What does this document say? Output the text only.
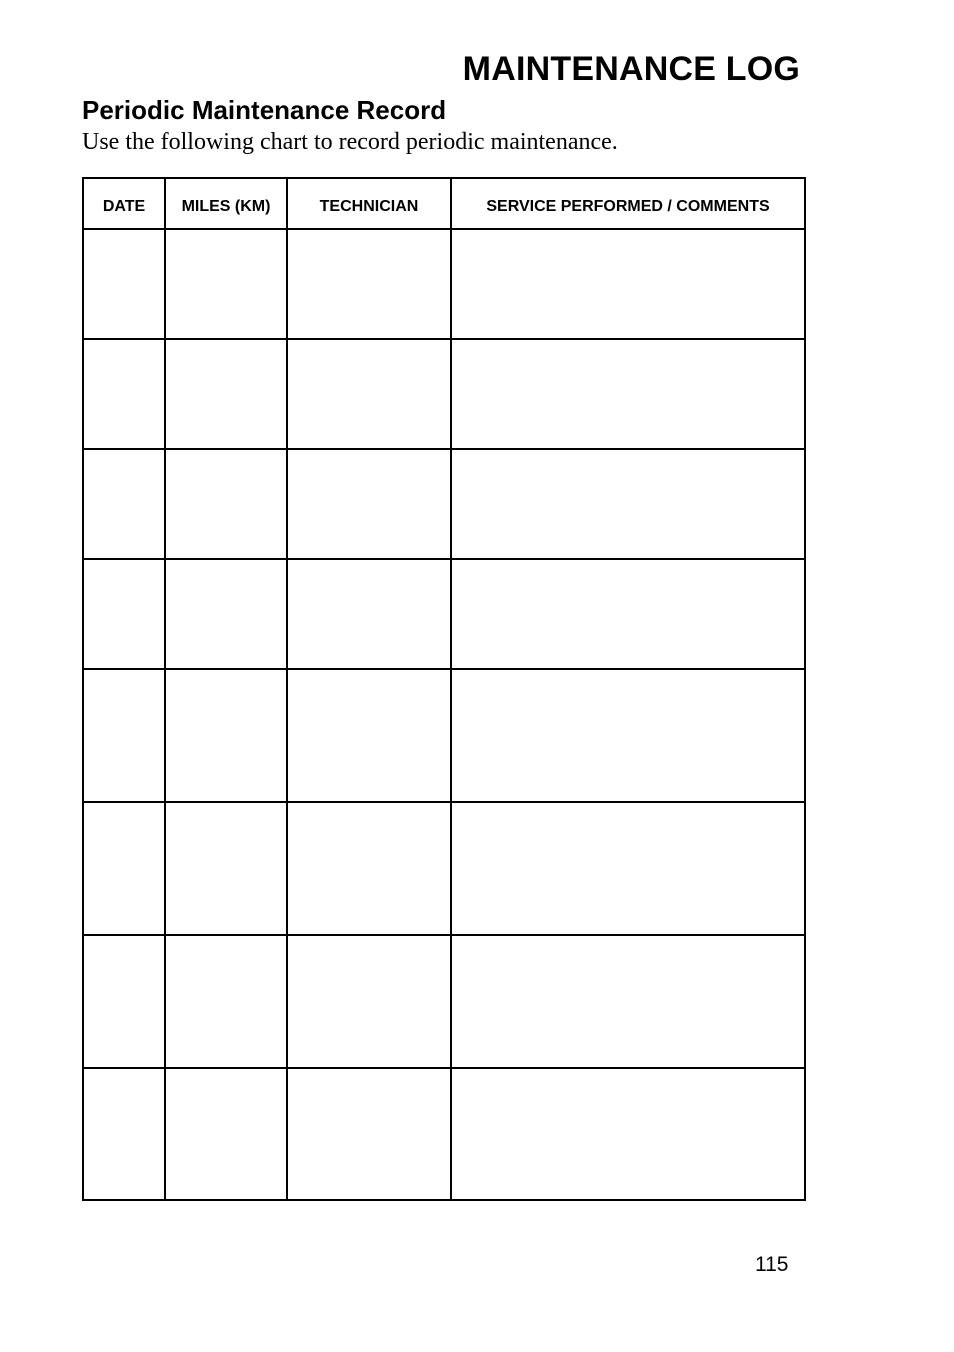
MAINTENANCE LOG
Periodic Maintenance Record
Use the following chart to record periodic maintenance.
DATE	MILES (KM)	TECHNICIAN	SERVICE PERFORMED / COMMENTS

115
